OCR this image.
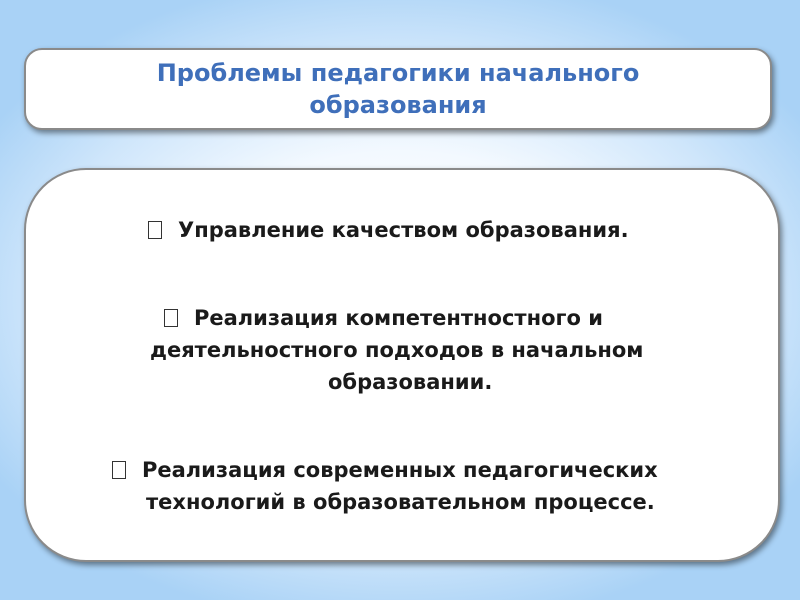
Проблемы педагогики начального образования
Управление качеством образования.
Реализация компетентностного и
деятельностного подходов в начальном
образовании.
Реализация современных педагогических
технологий в образовательном процессе.
